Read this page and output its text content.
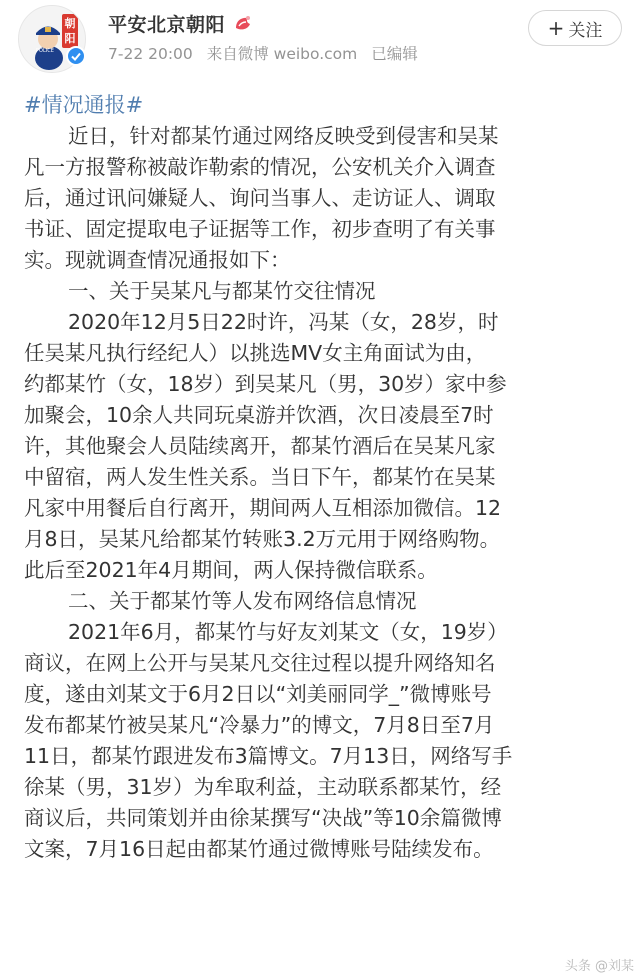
朝阳
POLICE
平安北京朝阳
7-22 20:00 来自微博 weibo.com 已编辑
+ 关注
#情况通报#
近日，针对都某竹通过网络反映受到侵害和吴某
凡一方报警称被敲诈勒索的情况，公安机关介入调查
后，通过讯问嫌疑人、询问当事人、走访证人、调取
书证、固定提取电子证据等工作，初步查明了有关事
实。现就调查情况通报如下：
一、关于吴某凡与都某竹交往情况
2020年12月5日22时许，冯某（女，28岁，时
任吴某凡执行经纪人）以挑选MV女主角面试为由，
约都某竹（女，18岁）到吴某凡（男，30岁）家中参
加聚会，10余人共同玩桌游并饮酒，次日凌晨至7时
许，其他聚会人员陆续离开，都某竹酒后在吴某凡家
中留宿，两人发生性关系。当日下午，都某竹在吴某
凡家中用餐后自行离开，期间两人互相添加微信。12
月8日，吴某凡给都某竹转账3.2万元用于网络购物。
此后至2021年4月期间，两人保持微信联系。
二、关于都某竹等人发布网络信息情况
2021年6月，都某竹与好友刘某文（女，19岁）
商议，在网上公开与吴某凡交往过程以提升网络知名
度，遂由刘某文于6月2日以“刘美丽同学_”微博账号
发布都某竹被吴某凡“冷暴力”的博文，7月8日至7月
11日，都某竹跟进发布3篇博文。7月13日，网络写手
徐某（男，31岁）为牟取利益，主动联系都某竹，经
商议后，共同策划并由徐某撰写“决战”等10余篇微博
文案，7月16日起由都某竹通过微博账号陆续发布。
头条 @刘某
